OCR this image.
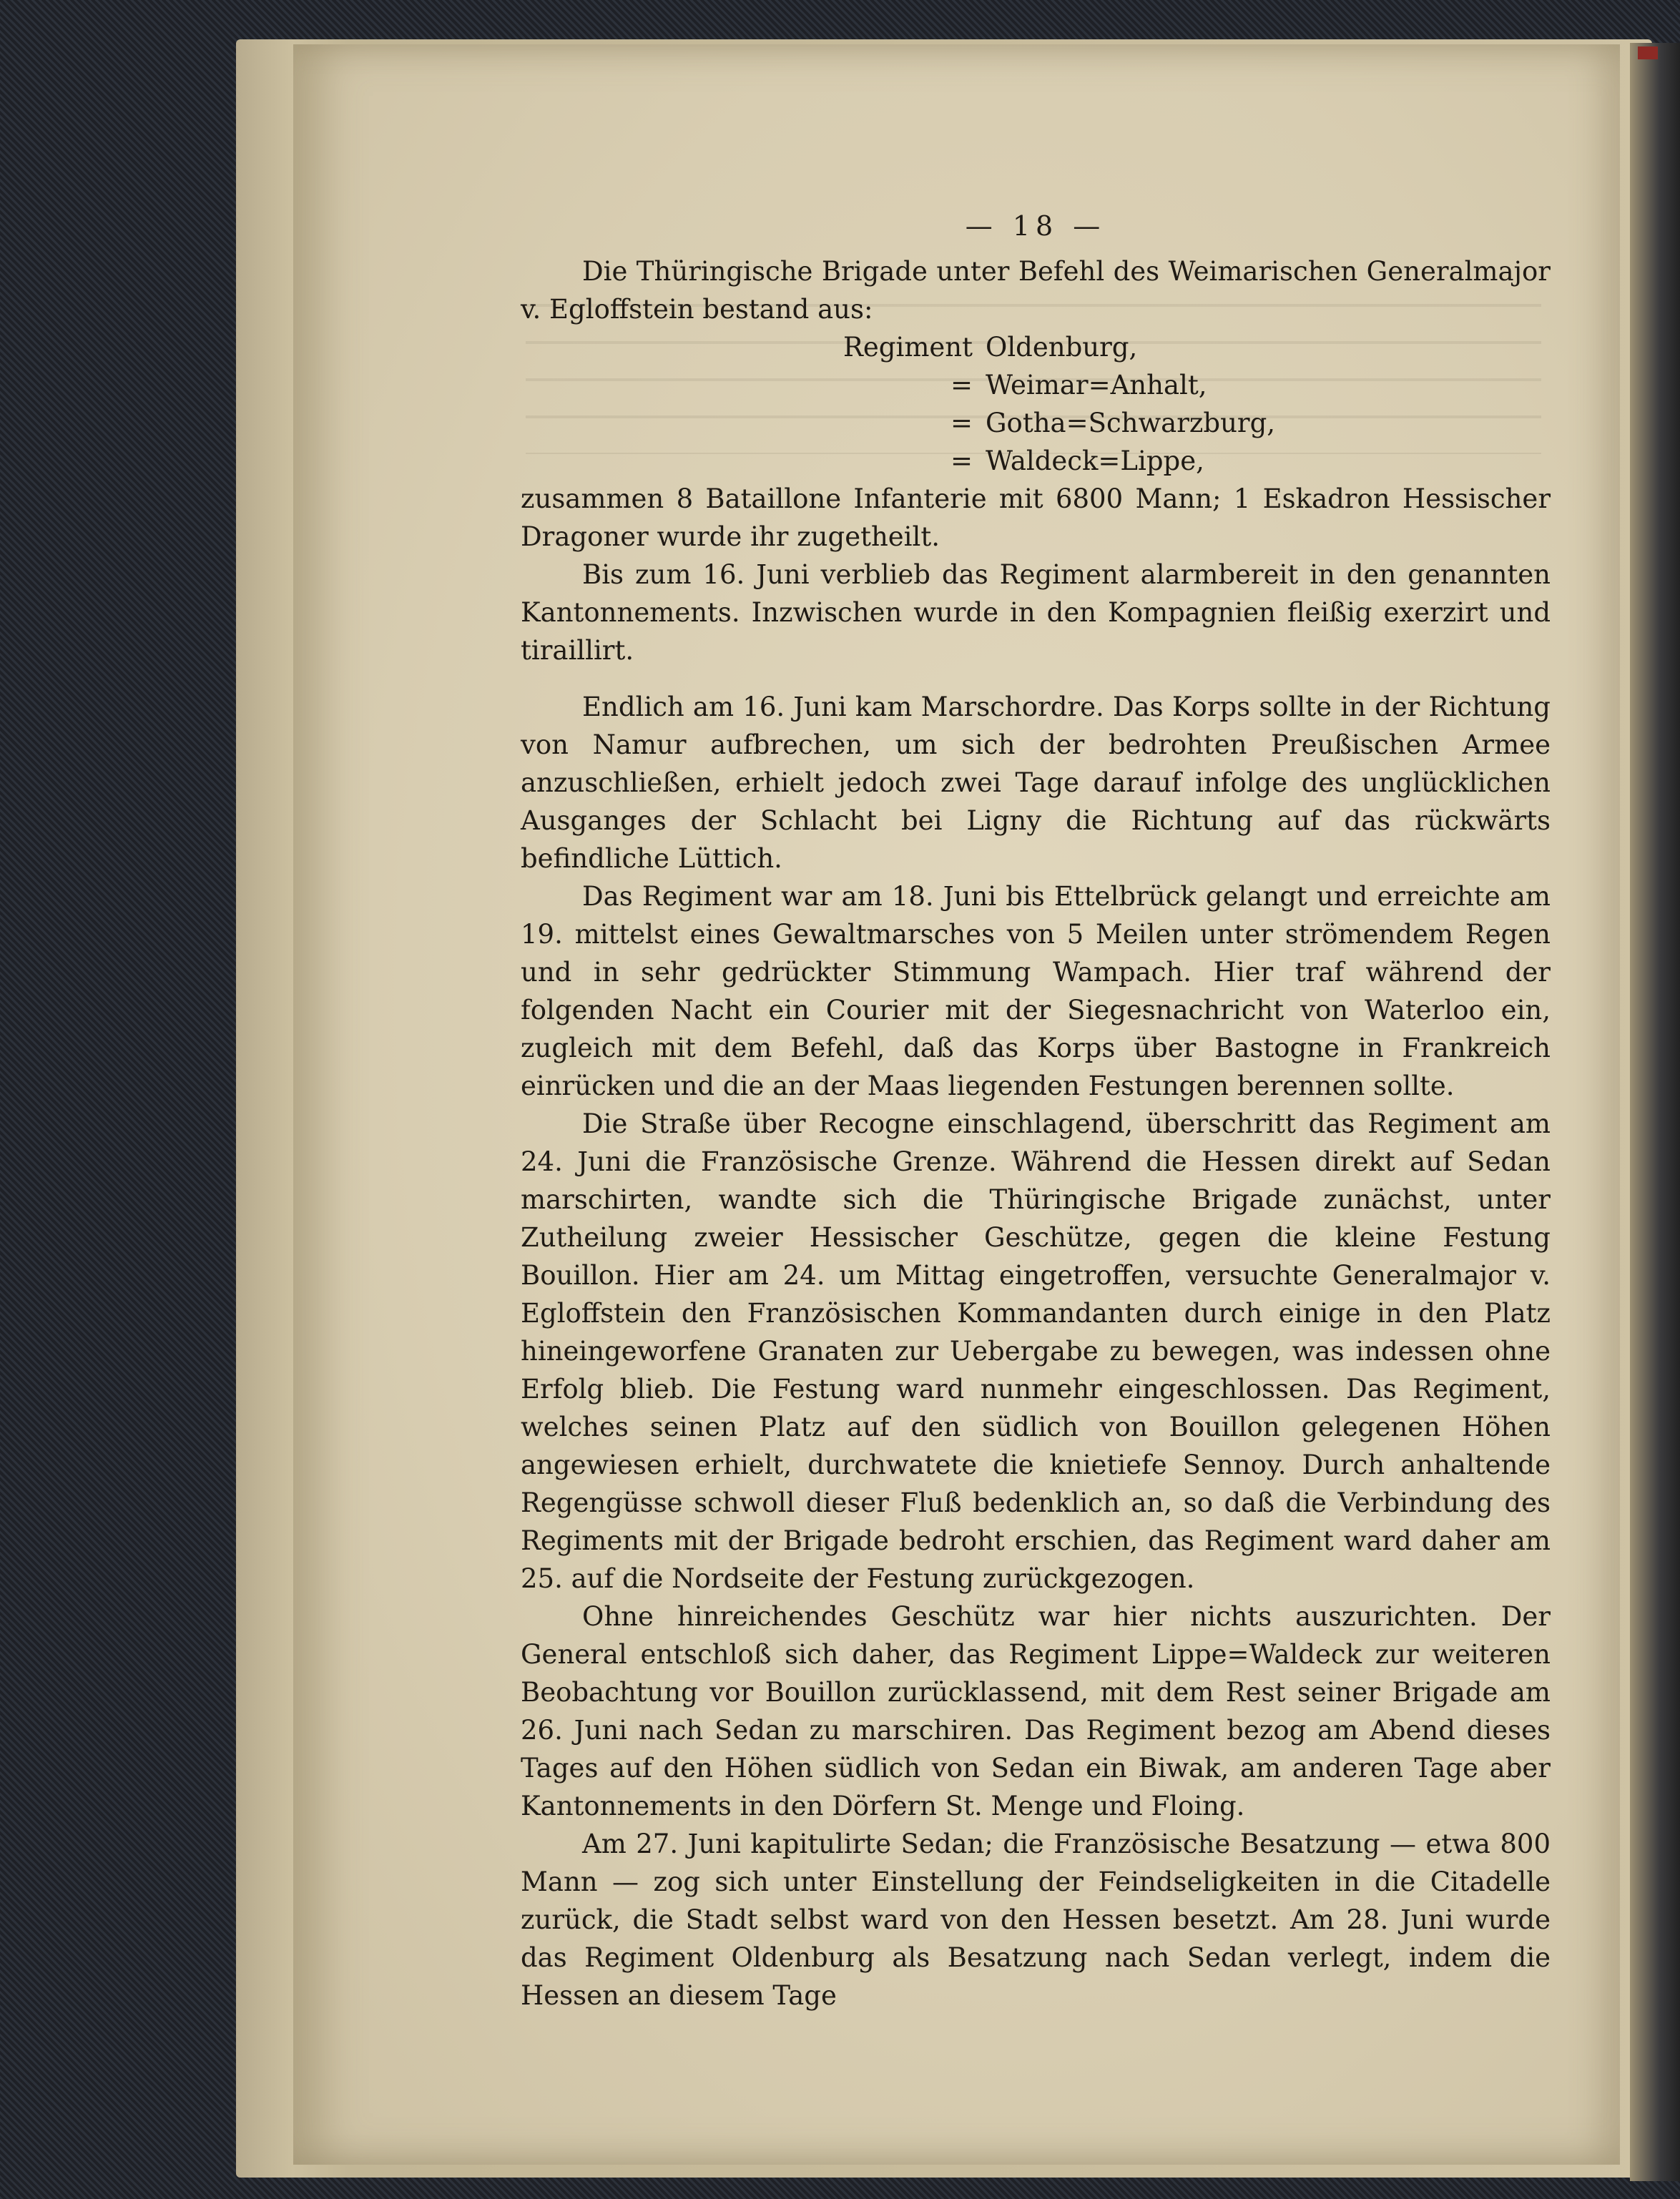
— 18 —

Die Thüringische Brigade unter Befehl des Weimarischen Generalmajor v. Egloffstein bestand aus:

Regiment Oldenburg,
= Weimar=Anhalt,
= Gotha=Schwarzburg,
= Waldeck=Lippe,

zusammen 8 Bataillone Infanterie mit 6800 Mann; 1 Eskadron Hessischer Dragoner wurde ihr zugetheilt.

Bis zum 16. Juni verblieb das Regiment alarmbereit in den genannten Kantonnements. Inzwischen wurde in den Kompagnien fleißig exerzirt und tiraillirt.

Endlich am 16. Juni kam Marschordre. Das Korps sollte in der Richtung von Namur aufbrechen, um sich der bedrohten Preußischen Armee anzuschließen, erhielt jedoch zwei Tage darauf infolge des unglücklichen Ausganges der Schlacht bei Ligny die Richtung auf das rückwärts befindliche Lüttich.

Das Regiment war am 18. Juni bis Ettelbrück gelangt und erreichte am 19. mittelst eines Gewaltmarsches von 5 Meilen unter strömendem Regen und in sehr gedrückter Stimmung Wampach. Hier traf während der folgenden Nacht ein Courier mit der Siegesnachricht von Waterloo ein, zugleich mit dem Befehl, daß das Korps über Bastogne in Frankreich einrücken und die an der Maas liegenden Festungen berennen sollte.

Die Straße über Recogne einschlagend, überschritt das Regiment am 24. Juni die Französische Grenze. Während die Hessen direkt auf Sedan marschirten, wandte sich die Thüringische Brigade zunächst, unter Zutheilung zweier Hessischer Geschütze, gegen die kleine Festung Bouillon. Hier am 24. um Mittag eingetroffen, versuchte Generalmajor v. Egloffstein den Französischen Kommandanten durch einige in den Platz hineingeworfene Granaten zur Uebergabe zu bewegen, was indessen ohne Erfolg blieb. Die Festung ward nunmehr eingeschlossen. Das Regiment, welches seinen Platz auf den südlich von Bouillon gelegenen Höhen angewiesen erhielt, durchwatete die knietiefe Sennoy. Durch anhaltende Regengüsse schwoll dieser Fluß bedenklich an, so daß die Verbindung des Regiments mit der Brigade bedroht erschien, das Regiment ward daher am 25. auf die Nordseite der Festung zurückgezogen.

Ohne hinreichendes Geschütz war hier nichts auszurichten. Der General entschloß sich daher, das Regiment Lippe=Waldeck zur weiteren Beobachtung vor Bouillon zurücklassend, mit dem Rest seiner Brigade am 26. Juni nach Sedan zu marschiren. Das Regiment bezog am Abend dieses Tages auf den Höhen südlich von Sedan ein Biwak, am anderen Tage aber Kantonnements in den Dörfern St. Menge und Floing.

Am 27. Juni kapitulirte Sedan; die Französische Besatzung — etwa 800 Mann — zog sich unter Einstellung der Feindseligkeiten in die Citadelle zurück, die Stadt selbst ward von den Hessen besetzt. Am 28. Juni wurde das Regiment Oldenburg als Besatzung nach Sedan verlegt, indem die Hessen an diesem Tage
